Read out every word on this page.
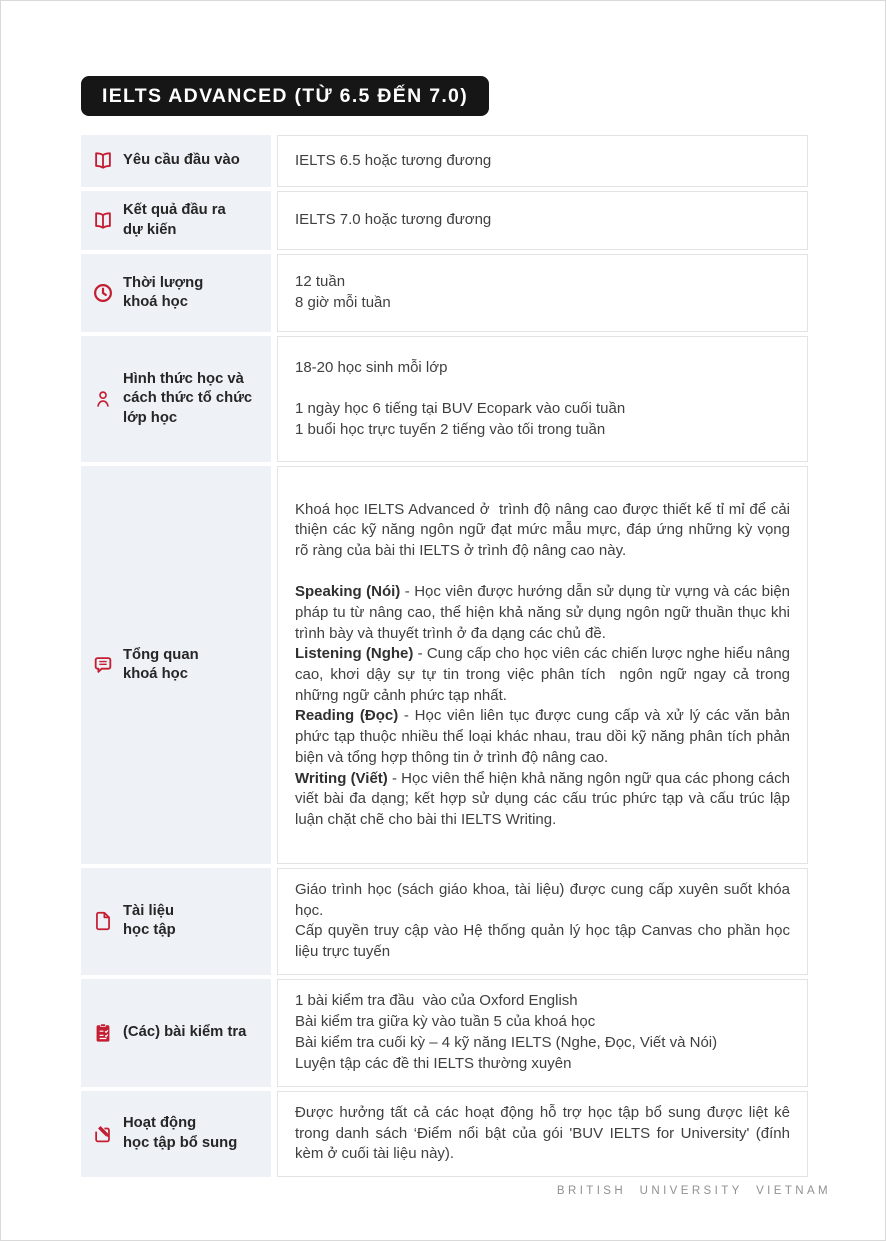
IELTS ADVANCED (TỪ 6.5 ĐẾN 7.0)
Yêu cầu đầu vào	IELTS 6.5 hoặc tương đương
Kết quả đầu ra
dự kiến
IELTS 7.0 hoặc tương đương
Thời lượng
khoá học
12 tuần
8 giờ mỗi tuần
Hình thức học và
cách thức tổ chức
lớp học
18-20 học sinh mỗi lớp

1 ngày học 6 tiếng tại BUV Ecopark vào cuối tuần
1 buổi học trực tuyến 2 tiếng vào tối trong tuần
Tổng quan
khoá học
Khoá học IELTS Advanced ở  trình độ nâng cao được thiết kế tỉ mỉ để cải thiện các kỹ năng ngôn ngữ đạt mức mẫu mực, đáp ứng những kỳ vọng rõ ràng của bài thi IELTS ở trình độ nâng cao này.

Speaking (Nói) - Học viên được hướng dẫn sử dụng từ vựng và các biện pháp tu từ nâng cao, thể hiện khả năng sử dụng ngôn ngữ thuần thục khi trình bày và thuyết trình ở đa dạng các chủ đề.
Listening (Nghe) - Cung cấp cho học viên các chiến lược nghe hiểu nâng cao, khơi dậy sự tự tin trong việc phân tích  ngôn ngữ ngay cả trong những ngữ cảnh phức tạp nhất.
Reading (Đọc) - Học viên liên tục được cung cấp và xử lý các văn bản phức tạp thuộc nhiều thể loại khác nhau, trau dồi kỹ năng phân tích phản biện và tổng hợp thông tin ở trình độ nâng cao.
Writing (Viết) - Học viên thể hiện khả năng ngôn ngữ qua các phong cách viết bài đa dạng; kết hợp sử dụng các cấu trúc phức tạp và cấu trúc lập luận chặt chẽ cho bài thi IELTS Writing.
Tài liệu
học tập
Giáo trình học (sách giáo khoa, tài liệu) được cung cấp xuyên suốt khóa học.
Cấp quyền truy cập vào Hệ thống quản lý học tập Canvas cho phần học liệu trực tuyến
(Các) bài kiểm tra
1 bài kiểm tra đầu  vào của Oxford English
Bài kiểm tra giữa kỳ vào tuần 5 của khoá học
Bài kiểm tra cuối kỳ – 4 kỹ năng IELTS (Nghe, Đọc, Viết và Nói)
Luyện tập các đề thi IELTS thường xuyên
Hoạt động
học tập bổ sung
Được hưởng tất cả các hoạt động hỗ trợ học tập bổ sung được liệt kê trong danh sách ‘Điểm nổi bật của gói 'BUV IELTS for University' (đính kèm ở cuối tài liệu này).
BRITISH UNIVERSITY VIETNAM
